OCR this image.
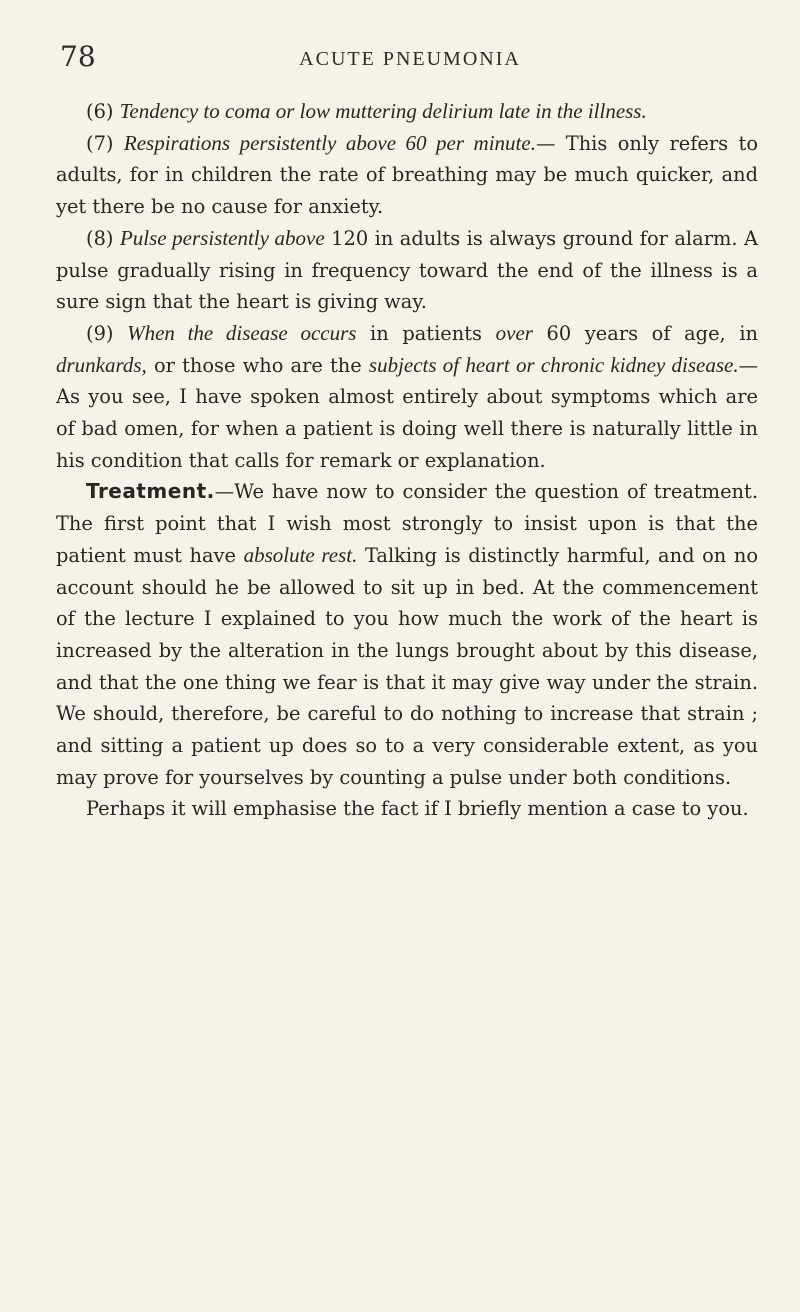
78	ACUTE PNEUMONIA

(6) Tendency to coma or low muttering delirium late in the illness.

(7) Respirations persistently above 60 per minute.— This only refers to adults, for in children the rate of breathing may be much quicker, and yet there be no cause for anxiety.

(8) Pulse persistently above 120 in adults is always ground for alarm. A pulse gradually rising in frequency toward the end of the illness is a sure sign that the heart is giving way.

(9) When the disease occurs in patients over 60 years of age, in drunkards, or those who are the subjects of heart or chronic kidney disease.—As you see, I have spoken almost entirely about symptoms which are of bad omen, for when a patient is doing well there is naturally little in his condition that calls for remark or explanation.

Treatment.—We have now to consider the question of treatment. The first point that I wish most strongly to insist upon is that the patient must have absolute rest. Talking is distinctly harmful, and on no account should he be allowed to sit up in bed. At the commencement of the lecture I explained to you how much the work of the heart is increased by the alteration in the lungs brought about by this disease, and that the one thing we fear is that it may give way under the strain. We should, therefore, be careful to do nothing to increase that strain ; and sitting a patient up does so to a very considerable extent, as you may prove for yourselves by counting a pulse under both conditions.

Perhaps it will emphasise the fact if I briefly mention a case to you.
